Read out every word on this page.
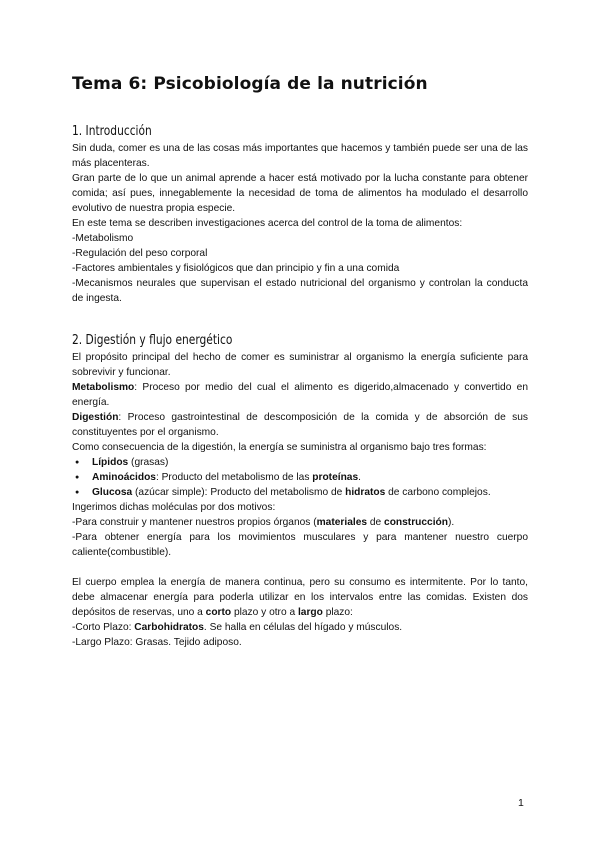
Tema 6: Psicobiología de la nutrición
1. Introducción

Sin duda, comer es una de las cosas más importantes que hacemos y también puede ser una de las más placenteras.

Gran parte de lo que un animal aprende a hacer está motivado por la lucha constante para obtener comida; así pues, innegablemente la necesidad de toma de alimentos ha modulado el desarrollo evolutivo de nuestra propia especie.

En este tema se describen investigaciones acerca del control de la toma de alimentos:

-Metabolismo

-Regulación del peso corporal

-Factores ambientales y fisiológicos que dan principio y fin a una comida

-Mecanismos neurales que supervisan el estado nutricional del organismo y controlan la conducta de ingesta.

2. Digestión y flujo energético

El propósito principal del hecho de comer es suministrar al organismo la energía suficiente para sobrevivir y funcionar.

Metabolismo: Proceso por medio del cual el alimento es digerido,almacenado y convertido en energía.

Digestión: Proceso gastrointestinal de descomposición de la comida y de absorción de sus constituyentes por el organismo.

Como consecuencia de la digestión, la energía se suministra al organismo bajo tres formas:

● Lípidos (grasas)
● Aminoácidos: Producto del metabolismo de las proteínas.
● Glucosa (azúcar simple): Producto del metabolismo de hidratos de carbono complejos.

Ingerimos dichas moléculas por dos motivos:

-Para construir y mantener nuestros propios órganos (materiales de construcción).

-Para obtener energía para los movimientos musculares y para mantener nuestro cuerpo caliente(combustible).

El cuerpo emplea la energía de manera continua, pero su consumo es intermitente. Por lo tanto, debe almacenar energía para poderla utilizar en los intervalos entre las comidas. Existen dos depósitos de reservas, uno a corto plazo y otro a largo plazo:

-Corto Plazo: Carbohidratos. Se halla en células del hígado y músculos.

-Largo Plazo: Grasas. Tejido adiposo.

1
